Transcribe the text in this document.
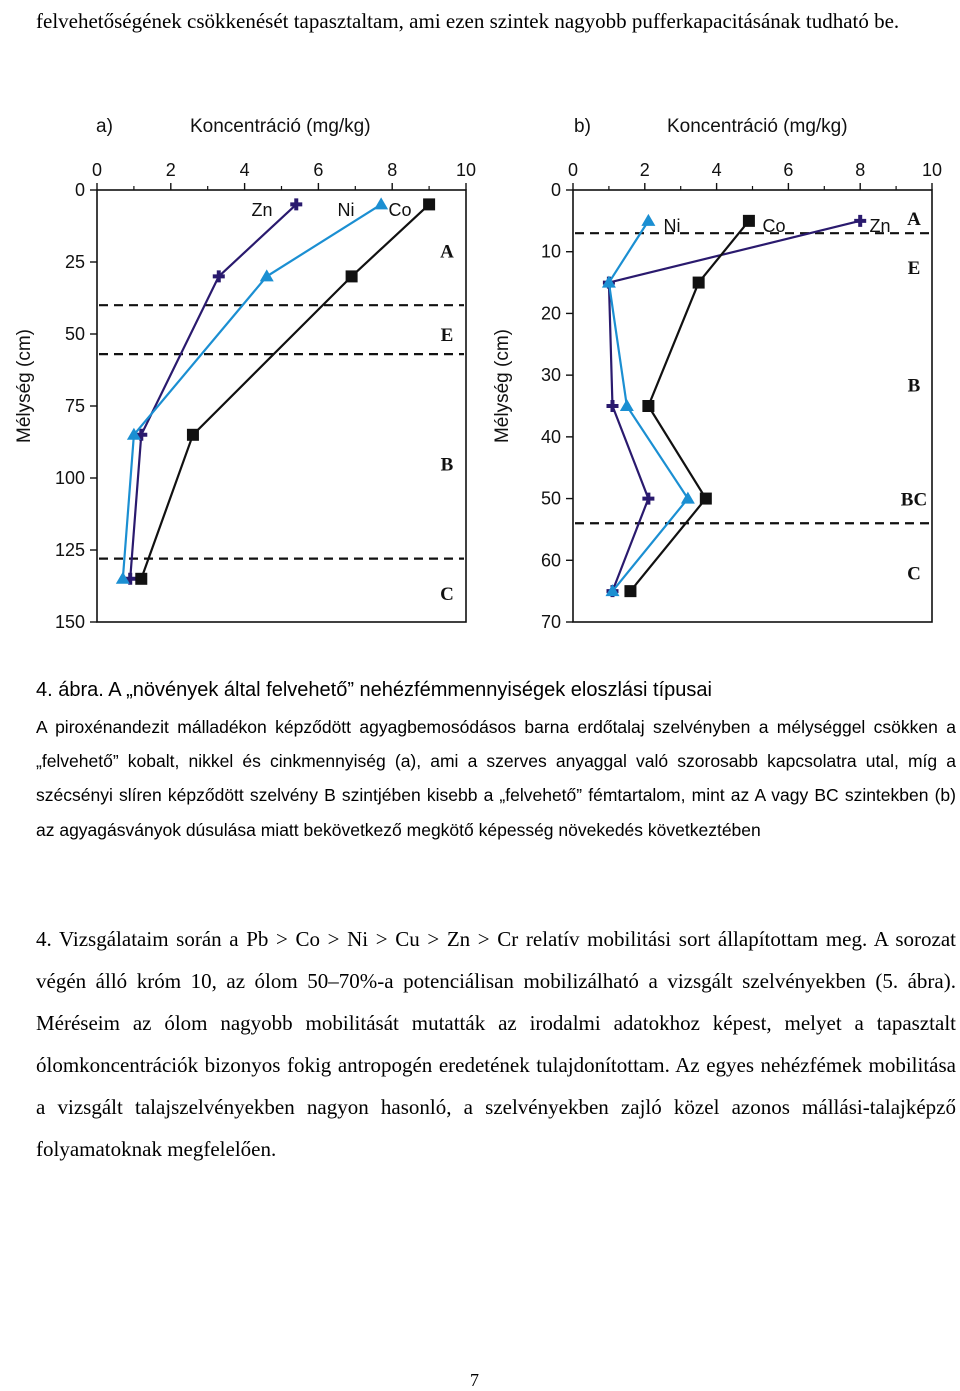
felvehetőségének csökkenését tapasztaltam, ami ezen szintek nagyobb pufferkapacitásának tudható be.

a)	Koncentráció (mg/kg)
0	2	4	6	8	10
0
25
50
75
100
125
150
Mélység (cm)
A
E
B
C
Zn	Ni Co
b)	Koncentráció (mg/kg)
0	2	4	6	8	10
0
10
20
30
40
50
60
70
Mélység (cm)
A
E
B
BC
C
Ni	Co	Zn
4. ábra. A „növények által felvehető” nehézfémmennyiségek eloszlási típusai
A piroxénandezit málladékon képződött agyagbemosódásos barna erdőtalaj szelvényben a mélységgel csökken a „felvehető” kobalt, nikkel és cinkmennyiség (a), ami a szerves anyaggal való szorosabb kapcsolatra utal, míg a szécsényi slíren képződött szelvény B szintjében kisebb a „felvehető” fémtartalom, mint az A vagy BC szintekben (b) az agyagásványok dúsulása miatt bekövetkező megkötő képesség növekedés következtében

4. Vizsgálataim során a Pb > Co > Ni > Cu > Zn > Cr relatív mobilitási sort állapítottam meg. A sorozat végén álló króm 10, az ólom 50–70%-a potenciálisan mobilizálható a vizsgált szelvényekben (5. ábra). Méréseim az ólom nagyobb mobilitását mutatták az irodalmi adatokhoz képest, melyet a tapasztalt ólomkoncentrációk bizonyos fokig antropogén eredetének tulajdonítottam. Az egyes nehézfémek mobilitása a vizsgált talajszelvényekben nagyon hasonló, a szelvényekben zajló közel azonos mállási-talajképző folyamatoknak megfelelően.

7
